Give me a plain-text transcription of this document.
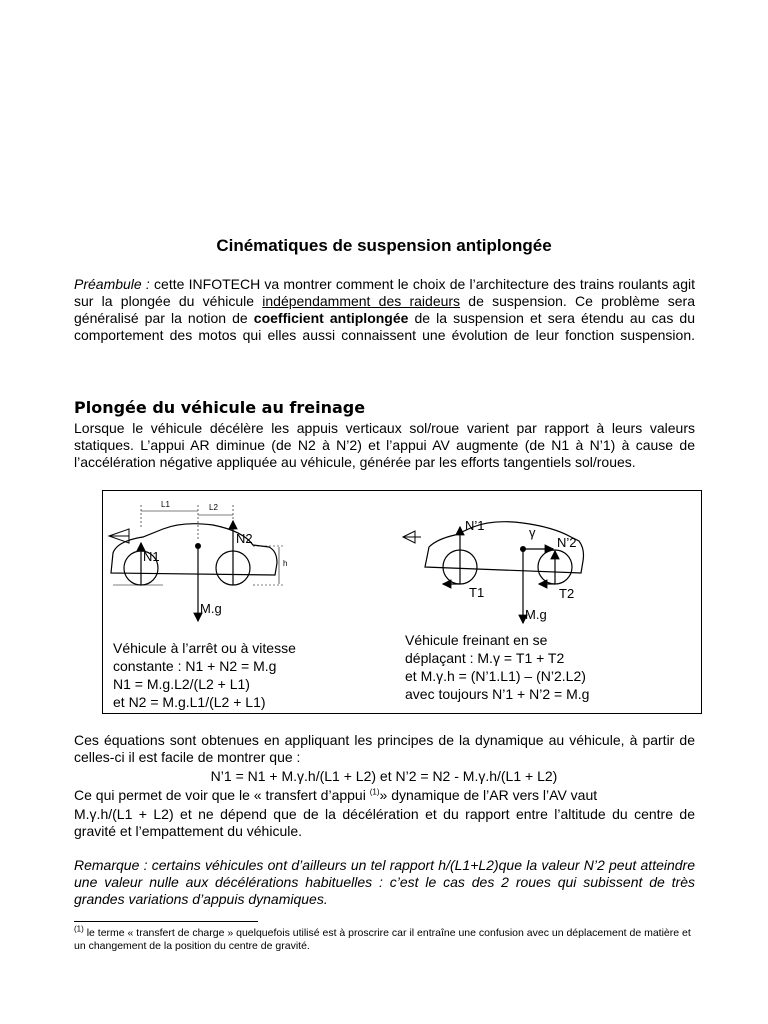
Cinématiques de suspension antiplongée
Préambule : cette INFOTECH va montrer comment le choix de l’architecture des trains roulants agit sur la plongée du véhicule indépendamment des raideurs de suspension. Ce problème sera généralisé par la notion de coefficient antiplongée de la suspension et sera étendu au cas du comportement des motos qui elles aussi connaissent une évolution de leur fonction suspension.
Plongée du véhicule au freinage
Lorsque le véhicule décélère les appuis verticaux sol/roue varient par rapport à leurs valeurs statiques. L’appui AR diminue (de N2 à N’2) et l’appui AV augmente (de N1 à N’1) à cause de l’accélération négative appliquée au véhicule, générée par les efforts tangentiels sol/roues.
L1	L2
h
N1
N2
M.g
N’1	γ
N’2
T1	T2
M.g
Véhicule à l’arrêt ou à vitesse
constante : N1 + N2 = M.g
N1 = M.g.L2/(L2 + L1)
et N2 = M.g.L1/(L2 + L1)
Véhicule freinant en se
déplaçant : M.γ = T1 + T2
et M.γ.h = (N’1.L1) – (N’2.L2)
avec toujours N’1 + N’2 = M.g
Ces équations sont obtenues en appliquant les principes de la dynamique au véhicule, à partir de celles-ci il est facile de montrer que :
N’1 = N1 + M.γ.h/(L1 + L2) et N’2 = N2 - M.γ.h/(L1 + L2)
Ce qui permet de voir que le « transfert d’appui $^{(1)}$» dynamique de l’AR vers l’AV vaut
M.γ.h/(L1 + L2) et ne dépend que de la décélération et du rapport entre l’altitude du centre de gravité et l’empattement du véhicule.
Remarque : certains véhicules ont d’ailleurs un tel rapport h/(L1+L2)que la valeur N’2 peut atteindre une valeur nulle aux décélérations habituelles : c’est le cas des 2 roues qui subissent de très grandes variations d’appuis dynamiques.
$^{(1)}$ le terme « transfert de charge » quelquefois utilisé est à proscrire car il entraîne une confusion avec un déplacement de matière et un changement de la position du centre de gravité.
